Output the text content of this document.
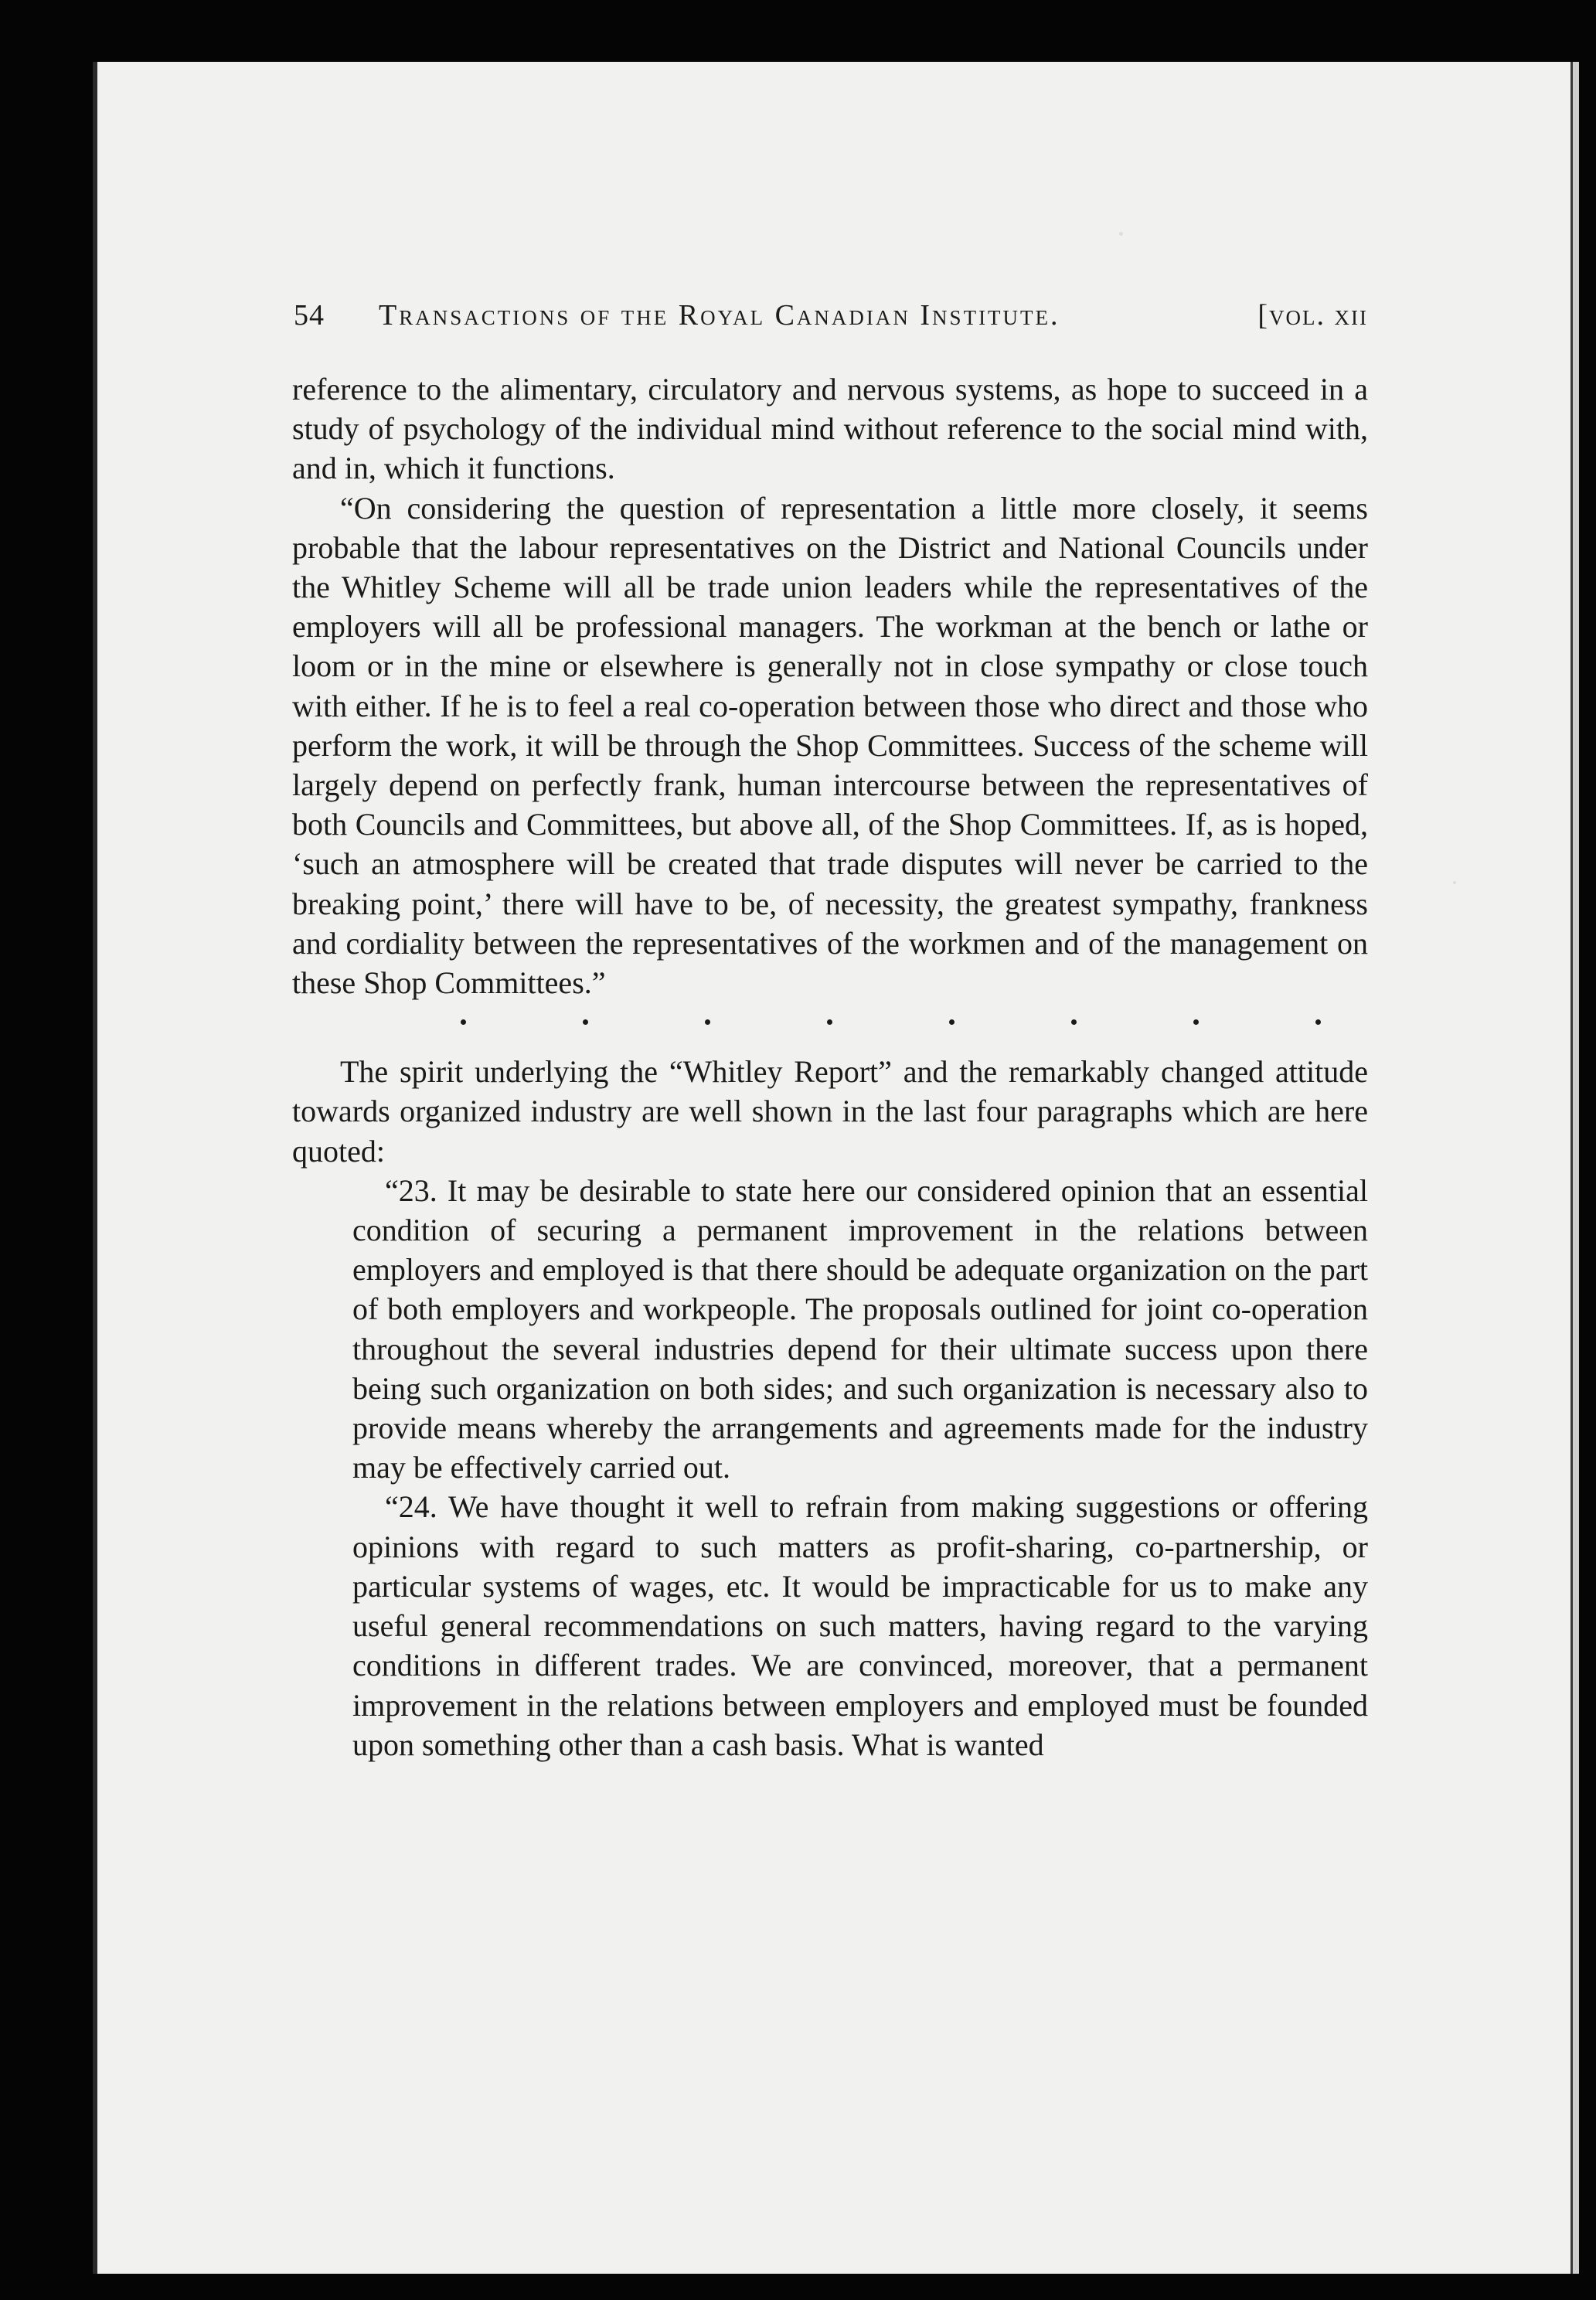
54 Transactions of the Royal Canadian Institute.	[vol. xii

reference to the alimentary, circulatory and nervous systems, as hope to succeed in a study of psychology of the individual mind without reference to the social mind with, and in, which it functions.

“On considering the question of representation a little more closely, it seems probable that the labour representatives on the District and National Councils under the Whitley Scheme will all be trade union leaders while the representatives of the employers will all be professional managers. The workman at the bench or lathe or loom or in the mine or elsewhere is generally not in close sympathy or close touch with either. If he is to feel a real co-operation between those who direct and those who perform the work, it will be through the Shop Committees. Success of the scheme will largely depend on perfectly frank, human intercourse between the representatives of both Councils and Committees, but above all, of the Shop Committees. If, as is hoped, ‘such an atmosphere will be created that trade disputes will never be carried to the breaking point,’ there will have to be, of necessity, the greatest sympathy, frankness and cordiality between the representatives of the workmen and of the management on these Shop Committees.”

The spirit underlying the “Whitley Report” and the remarkably changed attitude towards organized industry are well shown in the last four paragraphs which are here quoted:

“23. It may be desirable to state here our considered opinion that an essential condition of securing a permanent improvement in the relations between employers and employed is that there should be adequate organization on the part of both employers and workpeople. The proposals outlined for joint co-operation throughout the several industries depend for their ultimate success upon there being such organization on both sides; and such organization is necessary also to provide means whereby the arrangements and agreements made for the industry may be effectively carried out.

“24. We have thought it well to refrain from making suggestions or offering opinions with regard to such matters as profit-sharing, co-partnership, or particular systems of wages, etc. It would be impracticable for us to make any useful general recommendations on such matters, having regard to the varying conditions in different trades. We are convinced, moreover, that a permanent improvement in the relations between employers and employed must be founded upon something other than a cash basis. What is wanted
